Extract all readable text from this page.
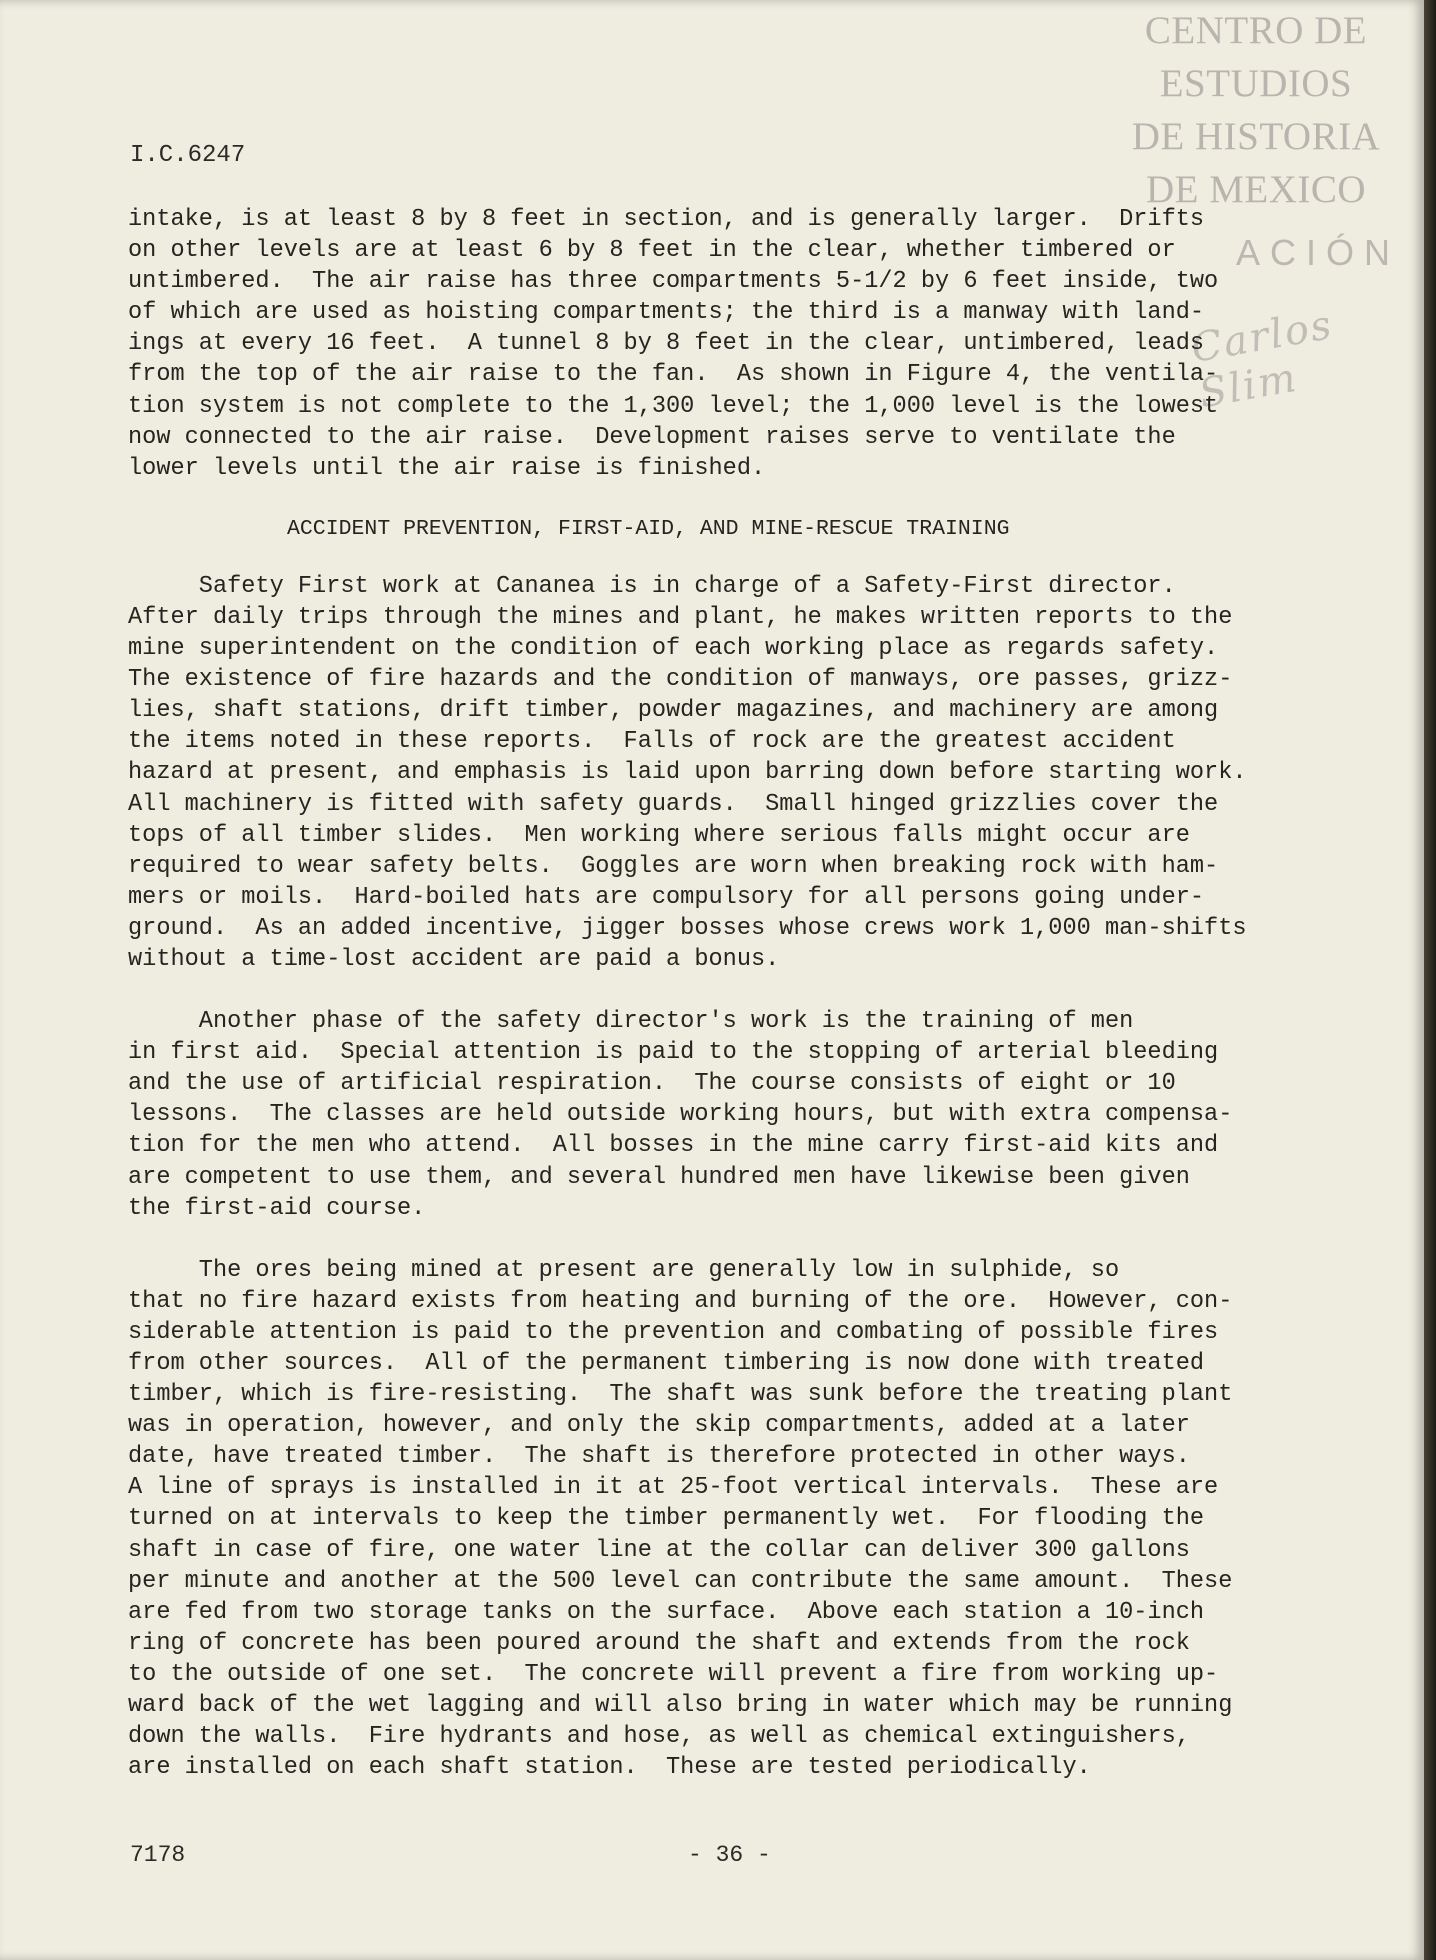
CENTRO DE
ESTUDIOS
DE HISTORIA
DE MEXICO
ACIÓN
Carlos Slim
I.C.6247
intake, is at least 8 by 8 feet in section, and is generally larger.  Drifts
on other levels are at least 6 by 8 feet in the clear, whether timbered or
untimbered.  The air raise has three compartments 5-1/2 by 6 feet inside, two
of which are used as hoisting compartments; the third is a manway with land-
ings at every 16 feet.  A tunnel 8 by 8 feet in the clear, untimbered, leads
from the top of the air raise to the fan.  As shown in Figure 4, the ventila-
tion system is not complete to the 1,300 level; the 1,000 level is the lowest
now connected to the air raise.  Development raises serve to ventilate the
lower levels until the air raise is finished.
ACCIDENT PREVENTION, FIRST-AID, AND MINE-RESCUE TRAINING
Safety First work at Cananea is in charge of a Safety-First director.
After daily trips through the mines and plant, he makes written reports to the
mine superintendent on the condition of each working place as regards safety.
The existence of fire hazards and the condition of manways, ore passes, grizz-
lies, shaft stations, drift timber, powder magazines, and machinery are among
the items noted in these reports.  Falls of rock are the greatest accident
hazard at present, and emphasis is laid upon barring down before starting work.
All machinery is fitted with safety guards.  Small hinged grizzlies cover the
tops of all timber slides.  Men working where serious falls might occur are
required to wear safety belts.  Goggles are worn when breaking rock with ham-
mers or moils.  Hard-boiled hats are compulsory for all persons going under-
ground.  As an added incentive, jigger bosses whose crews work 1,000 man-shifts
without a time-lost accident are paid a bonus.
Another phase of the safety director's work is the training of men
in first aid.  Special attention is paid to the stopping of arterial bleeding
and the use of artificial respiration.  The course consists of eight or 10
lessons.  The classes are held outside working hours, but with extra compensa-
tion for the men who attend.  All bosses in the mine carry first-aid kits and
are competent to use them, and several hundred men have likewise been given
the first-aid course.
The ores being mined at present are generally low in sulphide, so
that no fire hazard exists from heating and burning of the ore.  However, con-
siderable attention is paid to the prevention and combating of possible fires
from other sources.  All of the permanent timbering is now done with treated
timber, which is fire-resisting.  The shaft was sunk before the treating plant
was in operation, however, and only the skip compartments, added at a later
date, have treated timber.  The shaft is therefore protected in other ways.
A line of sprays is installed in it at 25-foot vertical intervals.  These are
turned on at intervals to keep the timber permanently wet.  For flooding the
shaft in case of fire, one water line at the collar can deliver 300 gallons
per minute and another at the 500 level can contribute the same amount.  These
are fed from two storage tanks on the surface.  Above each station a 10-inch
ring of concrete has been poured around the shaft and extends from the rock
to the outside of one set.  The concrete will prevent a fire from working up-
ward back of the wet lagging and will also bring in water which may be running
down the walls.  Fire hydrants and hose, as well as chemical extinguishers,
are installed on each shaft station.  These are tested periodically.
7178	- 36 -
